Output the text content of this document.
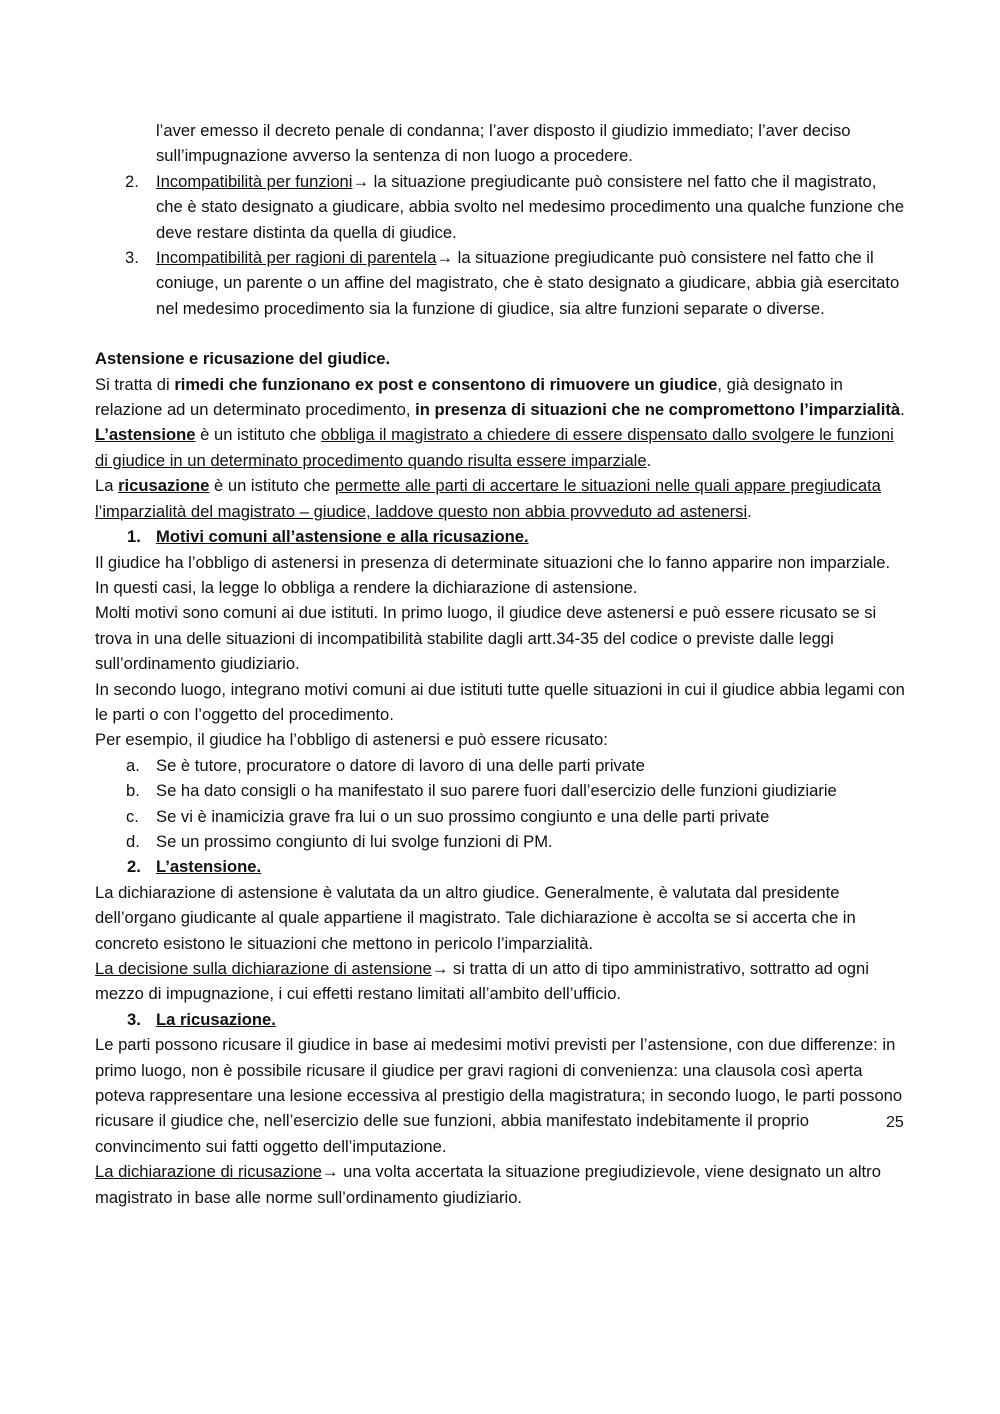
l’aver emesso il decreto penale di condanna; l’aver disposto il giudizio immediato; l’aver deciso sull’impugnazione avverso la sentenza di non luogo a procedere.

2. Incompatibilità per funzioni→ la situazione pregiudicante può consistere nel fatto che il magistrato, che è stato designato a giudicare, abbia svolto nel medesimo procedimento una qualche funzione che deve restare distinta da quella di giudice.

3. Incompatibilità per ragioni di parentela→ la situazione pregiudicante può consistere nel fatto che il coniuge, un parente o un affine del magistrato, che è stato designato a giudicare, abbia già esercitato nel medesimo procedimento sia la funzione di giudice, sia altre funzioni separate o diverse.

Astensione e ricusazione del giudice.

Si tratta di rimedi che funzionano ex post e consentono di rimuovere un giudice, già designato in relazione ad un determinato procedimento, in presenza di situazioni che ne compromettono l’imparzialità.

L’astensione è un istituto che obbliga il magistrato a chiedere di essere dispensato dallo svolgere le funzioni di giudice in un determinato procedimento quando risulta essere imparziale.

La ricusazione è un istituto che permette alle parti di accertare le situazioni nelle quali appare pregiudicata l’imparzialità del magistrato – giudice, laddove questo non abbia provveduto ad astenersi.

1. Motivi comuni all’astensione e alla ricusazione.

Il giudice ha l’obbligo di astenersi in presenza di determinate situazioni che lo fanno apparire non imparziale. In questi casi, la legge lo obbliga a rendere la dichiarazione di astensione.

Molti motivi sono comuni ai due istituti. In primo luogo, il giudice deve astenersi e può essere ricusato se si trova in una delle situazioni di incompatibilità stabilite dagli artt.34-35 del codice o previste dalle leggi sull’ordinamento giudiziario.

In secondo luogo, integrano motivi comuni ai due istituti tutte quelle situazioni in cui il giudice abbia legami con le parti o con l’oggetto del procedimento.

Per esempio, il giudice ha l’obbligo di astenersi e può essere ricusato:

a. Se è tutore, procuratore o datore di lavoro di una delle parti private

b. Se ha dato consigli o ha manifestato il suo parere fuori dall’esercizio delle funzioni giudiziarie

c. Se vi è inamicizia grave fra lui o un suo prossimo congiunto e una delle parti private

d. Se un prossimo congiunto di lui svolge funzioni di PM.

2. L’astensione.

La dichiarazione di astensione è valutata da un altro giudice. Generalmente, è valutata dal presidente dell’organo giudicante al quale appartiene il magistrato. Tale dichiarazione è accolta se si accerta che in concreto esistono le situazioni che mettono in pericolo l’imparzialità.

La decisione sulla dichiarazione di astensione→ si tratta di un atto di tipo amministrativo, sottratto ad ogni mezzo di impugnazione, i cui effetti restano limitati all’ambito dell’ufficio.

3. La ricusazione.

Le parti possono ricusare il giudice in base ai medesimi motivi previsti per l’astensione, con due differenze: in primo luogo, non è possibile ricusare il giudice per gravi ragioni di convenienza: una clausola così aperta poteva rappresentare una lesione eccessiva al prestigio della magistratura; in secondo luogo, le parti possono ricusare il giudice che, nell’esercizio delle sue funzioni, abbia manifestato indebitamente il proprio convincimento sui fatti oggetto dell’imputazione.

La dichiarazione di ricusazione→ una volta accertata la situazione pregiudizievole, viene designato un altro magistrato in base alle norme sull’ordinamento giudiziario.

25
